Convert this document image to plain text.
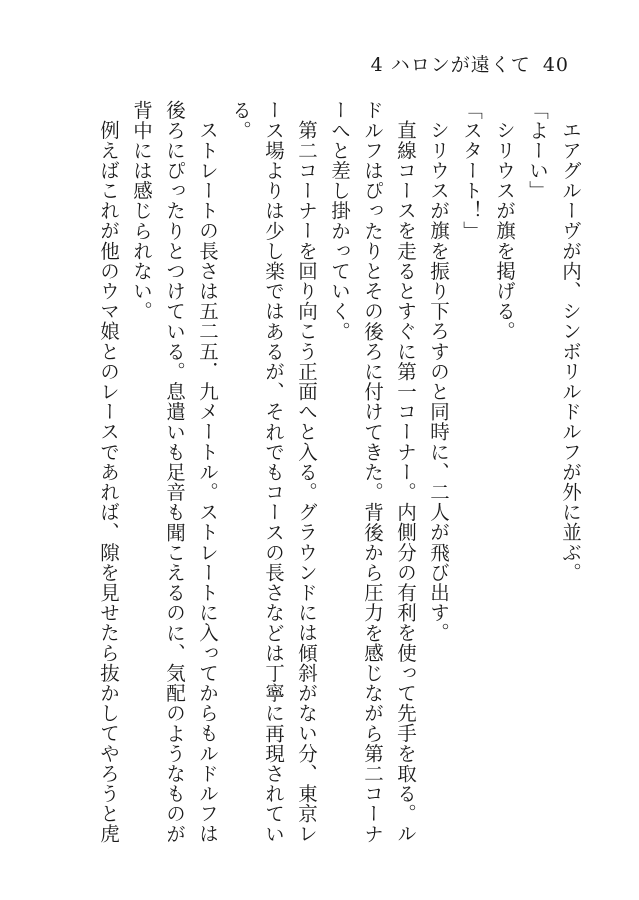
4 ハロンが遠くて 40

エアグルーヴが内、シンボリルドルフが外に並ぶ。

「よーい」

シリウスが旗を掲げる。

「スタート！」

シリウスが旗を振り下ろすのと同時に、二人が飛び出す。

直線コースを走るとすぐに第一コーナー。内側分の有利を使って先手を取る。ルドルフはぴったりとその後ろに付けてきた。背後から圧力を感じながら第二コーナーへと差し掛かっていく。

第二コーナーを回り向こう正面へと入る。グラウンドには傾斜がない分、東京レース場よりは少し楽ではあるが、それでもコースの長さなどは丁寧に再現されている。

ストレートの長さは五二五．九メートル。ストレートに入ってからもルドルフは後ろにぴったりとつけている。息遣いも足音も聞こえるのに、気配のようなものが背中には感じられない。

例えばこれが他のウマ娘とのレースであれば、隙を見せたら抜かしてやろうと虎
